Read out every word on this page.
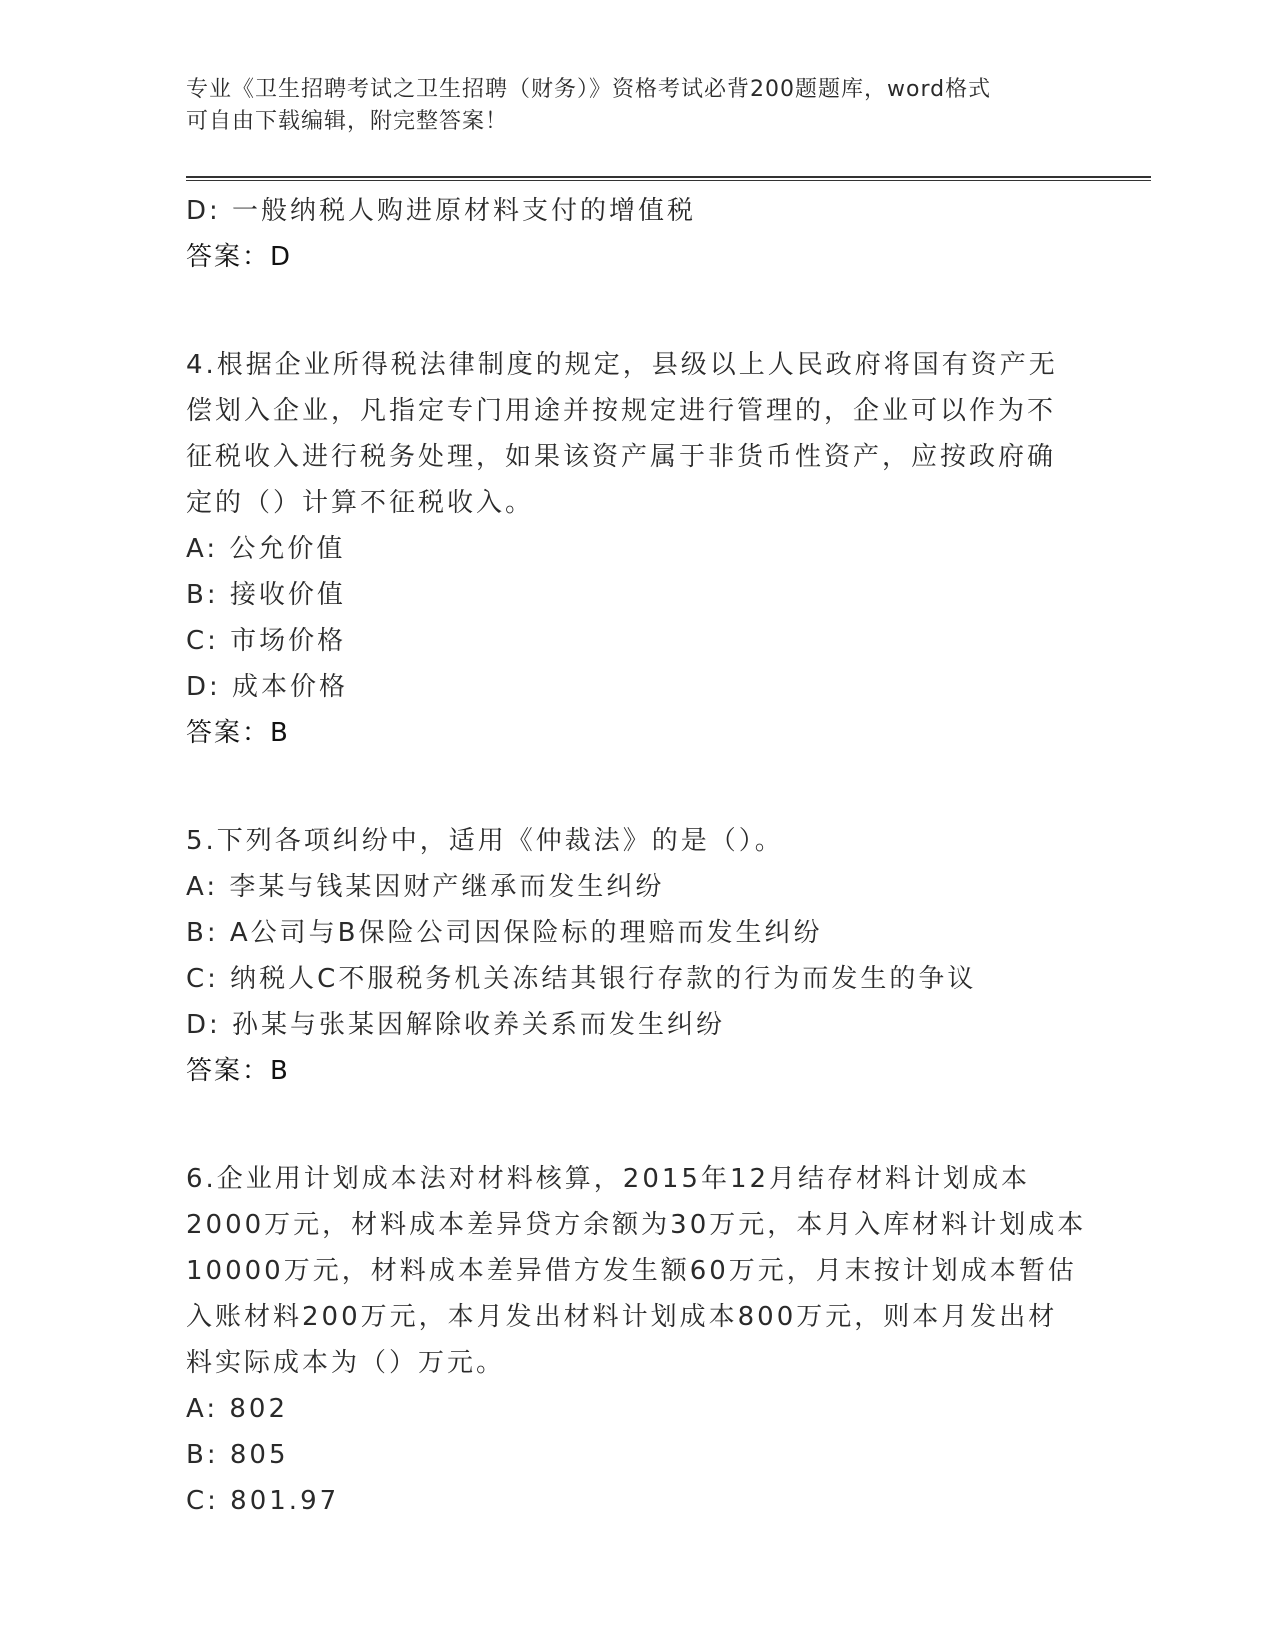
专业《卫生招聘考试之卫生招聘（财务）》资格考试必背200题题库，word格式
可自由下载编辑，附完整答案！
D: 一般纳税人购进原材料支付的增值税
答案：D
4.根据企业所得税法律制度的规定，县级以上人民政府将国有资产无
偿划入企业，凡指定专门用途并按规定进行管理的，企业可以作为不
征税收入进行税务处理，如果该资产属于非货币性资产，应按政府确
定的（）计算不征税收入。
A: 公允价值
B: 接收价值
C: 市场价格
D: 成本价格
答案：B
5.下列各项纠纷中，适用《仲裁法》的是（）。
A: 李某与钱某因财产继承而发生纠纷
B: A公司与B保险公司因保险标的理赔而发生纠纷
C: 纳税人C不服税务机关冻结其银行存款的行为而发生的争议
D: 孙某与张某因解除收养关系而发生纠纷
答案：B
6.企业用计划成本法对材料核算，2015年12月结存材料计划成本
2000万元，材料成本差异贷方余额为30万元，本月入库材料计划成本
10000万元，材料成本差异借方发生额60万元，月末按计划成本暂估
入账材料200万元，本月发出材料计划成本800万元，则本月发出材
料实际成本为（）万元。
A: 802
B: 805
C: 801.97
